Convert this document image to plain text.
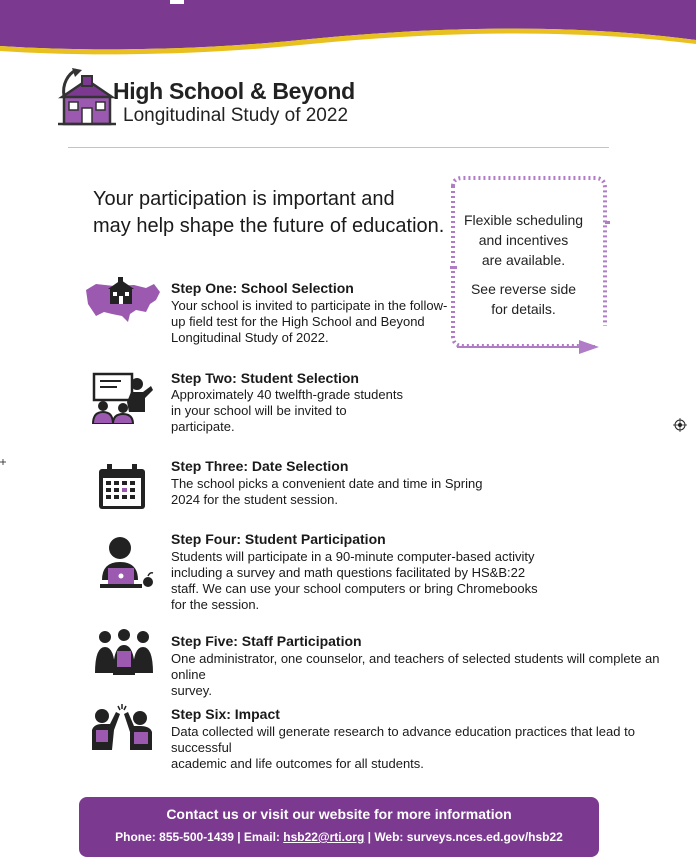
High School & Beyond
Longitudinal Study of 2022
Your participation is important and
may help shape the future of education.	Flexible scheduling
and incentives
are available.
See reverse side
for details.
Step One: School Selection
Your school is invited to participate in the follow-
up field test for the High School and Beyond
Longitudinal Study of 2022.
Step Two: Student Selection
Approximately 40 twelfth-grade students
in your school will be invited to
participate.
Step Three: Date Selection
The school picks a convenient date and time in Spring
2024 for the student session.
Step Four: Student Participation
Students will participate in a 90-minute computer-based activity
including a survey and math questions facilitated by HS&B:22
staff. We can use your school computers or bring Chromebooks
for the session.
Step Five: Staff Participation
One administrator, one counselor, and teachers of selected students will complete an online
survey.
Step Six: Impact
Data collected will generate research to advance education practices that lead to successful
academic and life outcomes for all students.
Contact us or visit our website for more information
Phone: 855-500-1439 | Email: hsb22@rti.org | Web: surveys.nces.ed.gov/hsb22
